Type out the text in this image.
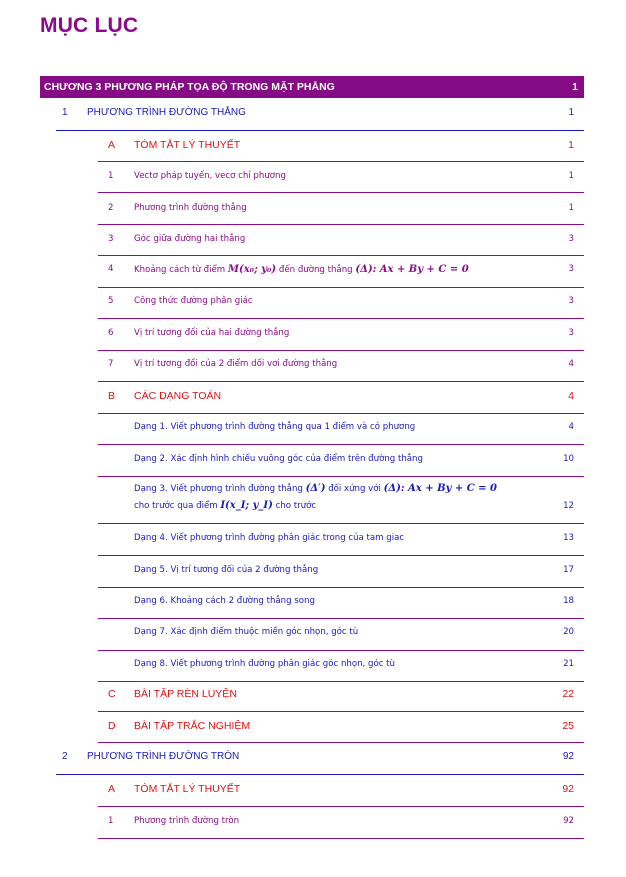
MỤC LỤC
CHƯƠNG 3 PHƯƠNG PHÁP TỌA ĐỘ TRONG MẶT PHẲNG	1
1 PHƯƠNG TRÌNH ĐƯỜNG THẲNG	1
A TÓM TẮT LÝ THUYẾT	1
1 Vectơ pháp tuyến, vecơ chỉ phương	1
2 Phương trình đường thẳng	1
3 Góc giữa đường hai thẳng	3
4 Khoảng cách từ điểm M(x₀; y₀) đến đường thẳng (Δ): Ax + By + C = 0	3
5 Công thức đường phân giác	3
6 Vị trí tương đối của hai đường thẳng	3
7 Vị trí tương đối của 2 điểm dối vơi đường thẳng	4
B CÁC DẠNG TOÁN	4
Dạng 1. Viết phương trình đường thẳng qua 1 điểm và có phương	4
Dạng 2. Xác định hình chiếu vuông góc của điểm trên đường thẳng	10
Dạng 3. Viết phương trình đường thẳng (Δ′) đối xứng với (Δ): Ax + By + C = 0
cho trước qua điểm I(x_I; y_I) cho trước	12
Dạng 4. Viết phương trình đường phân giác trong của tam giac	13
Dạng 5. Vị trí tương đối của 2 đường thẳng	17
Dạng 6. Khoảng cách 2 đường thẳng song	18
Dạng 7. Xác định điểm thuộc miền góc nhọn, góc tù	20
Dạng 8. Viết phương trình đường phân giác góc nhọn, góc tù	21
C BÀI TẬP RÈN LUYỆN	22
D BÀI TẬP TRẮC NGHIỆM	25
2 PHƯƠNG TRÌNH ĐƯỜNG TRÒN	92
A TÓM TẮT LÝ THUYẾT	92
1 Phương trình đường tròn	92
